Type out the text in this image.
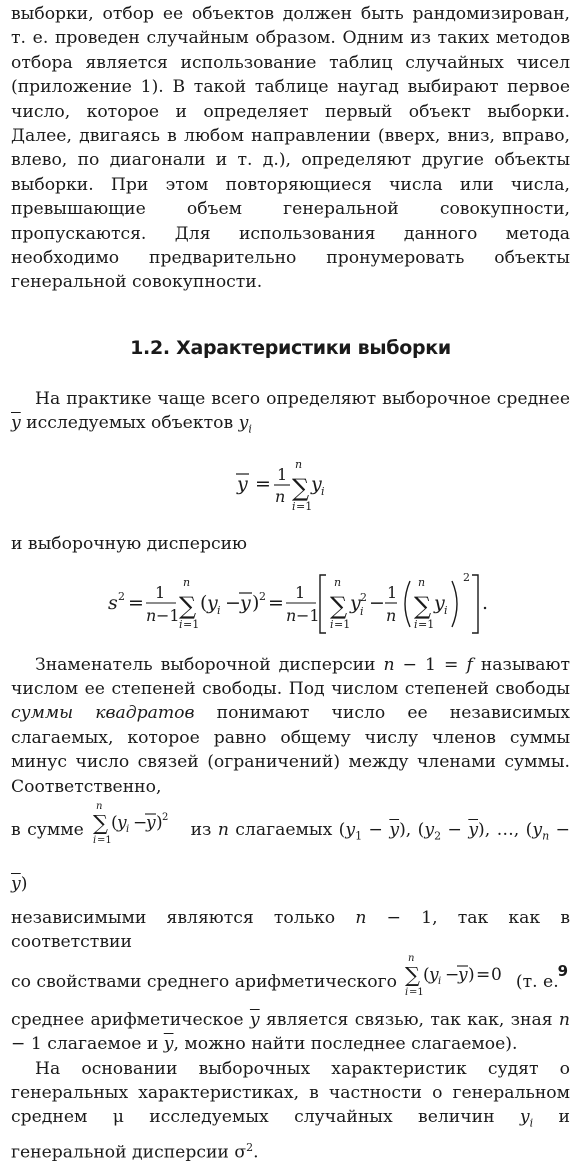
выборки, отбор ее объектов должен быть рандомизирован, т. е. проведен случайным образом. Одним из таких методов отбора является использование таблиц случайных чисел (приложение 1). В такой таблице наугад выбирают первое число, которое и определяет первый объект выборки. Далее, двигаясь в любом направлении (вверх, вниз, вправо, влево, по диагонали и т. д.), определяют другие объекты выборки. При этом повторяющиеся числа или числа, превышающие объем генеральной совокупности, пропускаются. Для использования данного метода необходимо предварительно пронумеровать объекты генеральной совокупности.

1.2. Характеристики выборки

На практике чаще всего определяют выборочное среднее $\overline{y}$ исследуемых объектов $y_i$

y = 1
n
n
∑
i =1
y i

и выборочную дисперсию

s 2 = 1
n −1
n
∑
i =1
( y i − y ) 2 = 1
n −1
n
∑
i =1
y 2
i − 1
n
n
∑
i =1
y i
2
.

Знаменатель выборочной дисперсии n − 1 = f называют числом ее степеней свободы. Под числом степеней свободы суммы квадратов понимают число ее независимых слагаемых, которое равно общему числу членов суммы минус число связей (ограничений) между членами суммы. Соответственно,

в сумме
n
∑
i =1
( y i −
y ) 2
из n слагаемых $(y_1 - \overline{y})$, $(y_2 - \overline{y})$, …, $(y_n - \overline{y})$

независимыми являются только n − 1, так как в соответствии

со свойствами среднего арифметического
n
∑
i =1
( y i −
y ) = 0 (т. е.

среднее арифметическое $\overline{y}$ является связью, так как, зная n − 1 слагаемое и $\overline{y}$, можно найти последнее слагаемое).

На основании выборочных характеристик судят о генеральных характеристиках, в частности о генеральном среднем μ исследуемых случайных величин $y_i$ и генеральной дисперсии $\sigma^2$.

9
